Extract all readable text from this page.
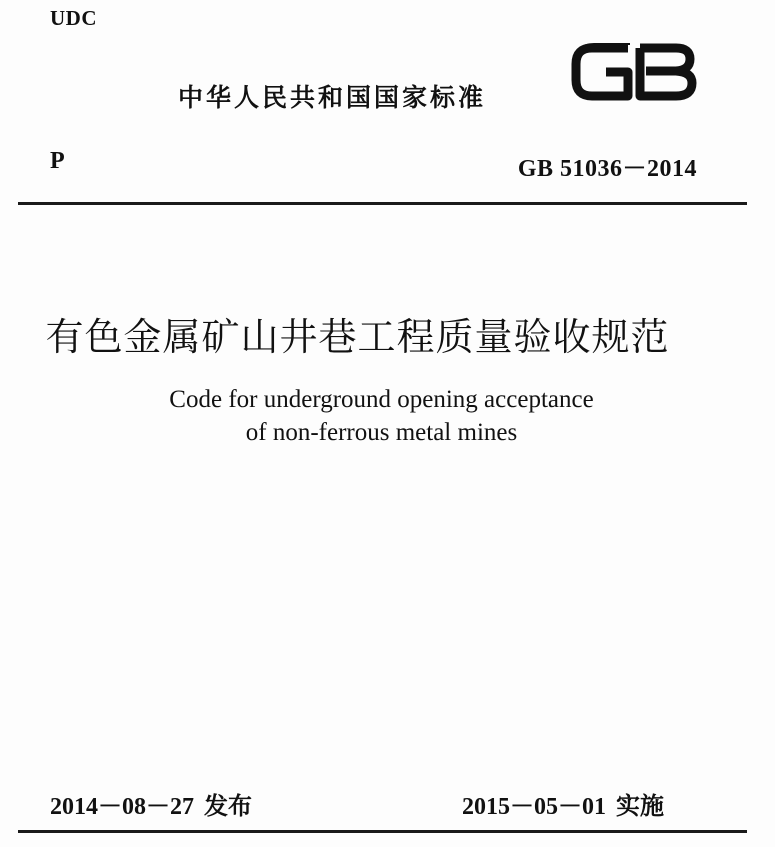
UDC
中华人民共和国国家标准
P	GB 51036－2014
有色金属矿山井巷工程质量验收规范
Code for underground opening acceptance
of non-ferrous metal mines
2014－08－27 发布	2015－05－01 实施
